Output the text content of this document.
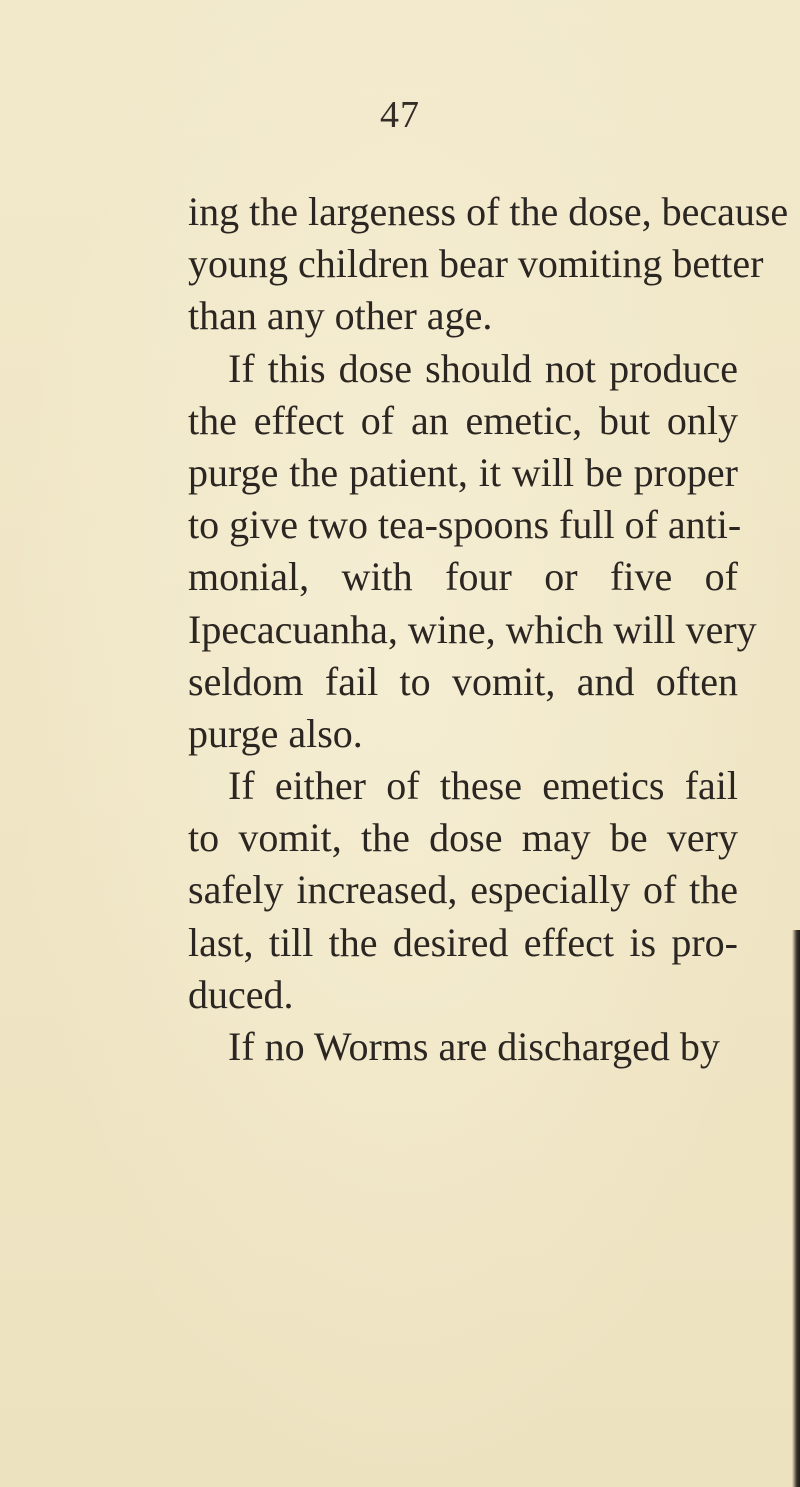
47
ing the largeness of the dose, because
young children bear vomiting better
than any other age.
If this dose should not produce
the effect of an emetic, but only
purge the patient, it will be proper
to give two tea-spoons full of anti-
monial, with four or five of
Ipecacuanha, wine, which will very
seldom fail to vomit, and often
purge also.
If either of these emetics fail
to vomit, the dose may be very
safely increased, especially of the
last, till the desired effect is pro-
duced.
If no Worms are discharged by
